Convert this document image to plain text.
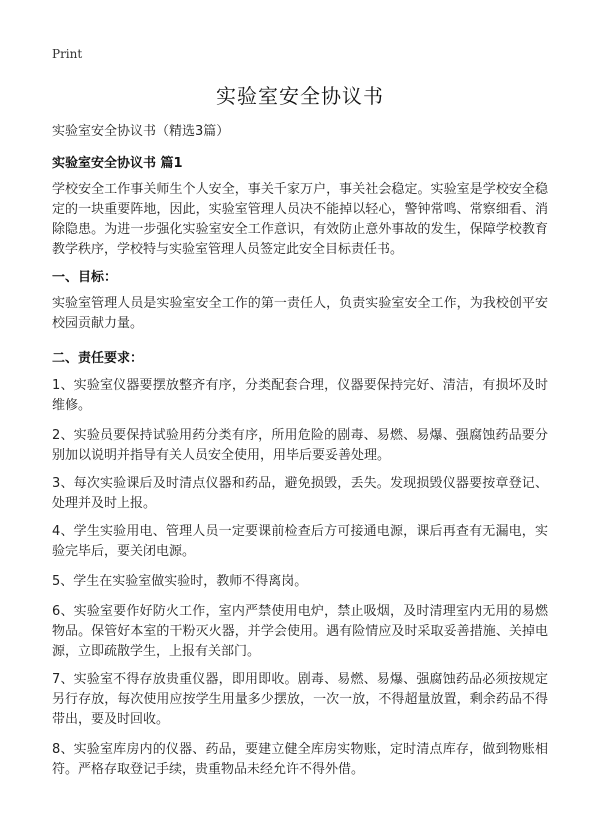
Print
实验室安全协议书
实验室安全协议书（精选3篇）
实验室安全协议书 篇1
学校安全工作事关师生个人安全，事关千家万户，事关社会稳定。实验室是学校安全稳定的一块重要阵地，因此，实验室管理人员决不能掉以轻心，警钟常鸣、常察细看、消除隐患。为进一步强化实验室安全工作意识，有效防止意外事故的发生，保障学校教育教学秩序，学校特与实验室管理人员签定此安全目标责任书。
一、目标：
实验室管理人员是实验室安全工作的第一责任人，负责实验室安全工作，为我校创平安校园贡献力量。
二、责任要求：
1、实验室仪器要摆放整齐有序，分类配套合理，仪器要保持完好、清洁，有损坏及时维修。
2、实验员要保持试验用药分类有序，所用危险的剧毒、易燃、易爆、强腐蚀药品要分别加以说明并指导有关人员安全使用，用毕后要妥善处理。
3、每次实验课后及时清点仪器和药品，避免损毁，丢失。发现损毁仪器要按章登记、处理并及时上报。
4、学生实验用电、管理人员一定要课前检查后方可接通电源，课后再查有无漏电，实验完毕后，要关闭电源。
5、学生在实验室做实验时，教师不得离岗。
6、实验室要作好防火工作，室内严禁使用电炉，禁止吸烟，及时清理室内无用的易燃物品。保管好本室的干粉灭火器，并学会使用。遇有险情应及时采取妥善措施、关掉电源，立即疏散学生，上报有关部门。
7、实验室不得存放贵重仪器，即用即收。剧毒、易燃、易爆、强腐蚀药品必须按规定另行存放，每次使用应按学生用量多少摆放，一次一放，不得超量放置，剩余药品不得带出，要及时回收。
8、实验室库房内的仪器、药品，要建立健全库房实物账，定时清点库存，做到物账相符。严格存取登记手续，贵重物品未经允许不得外借。
